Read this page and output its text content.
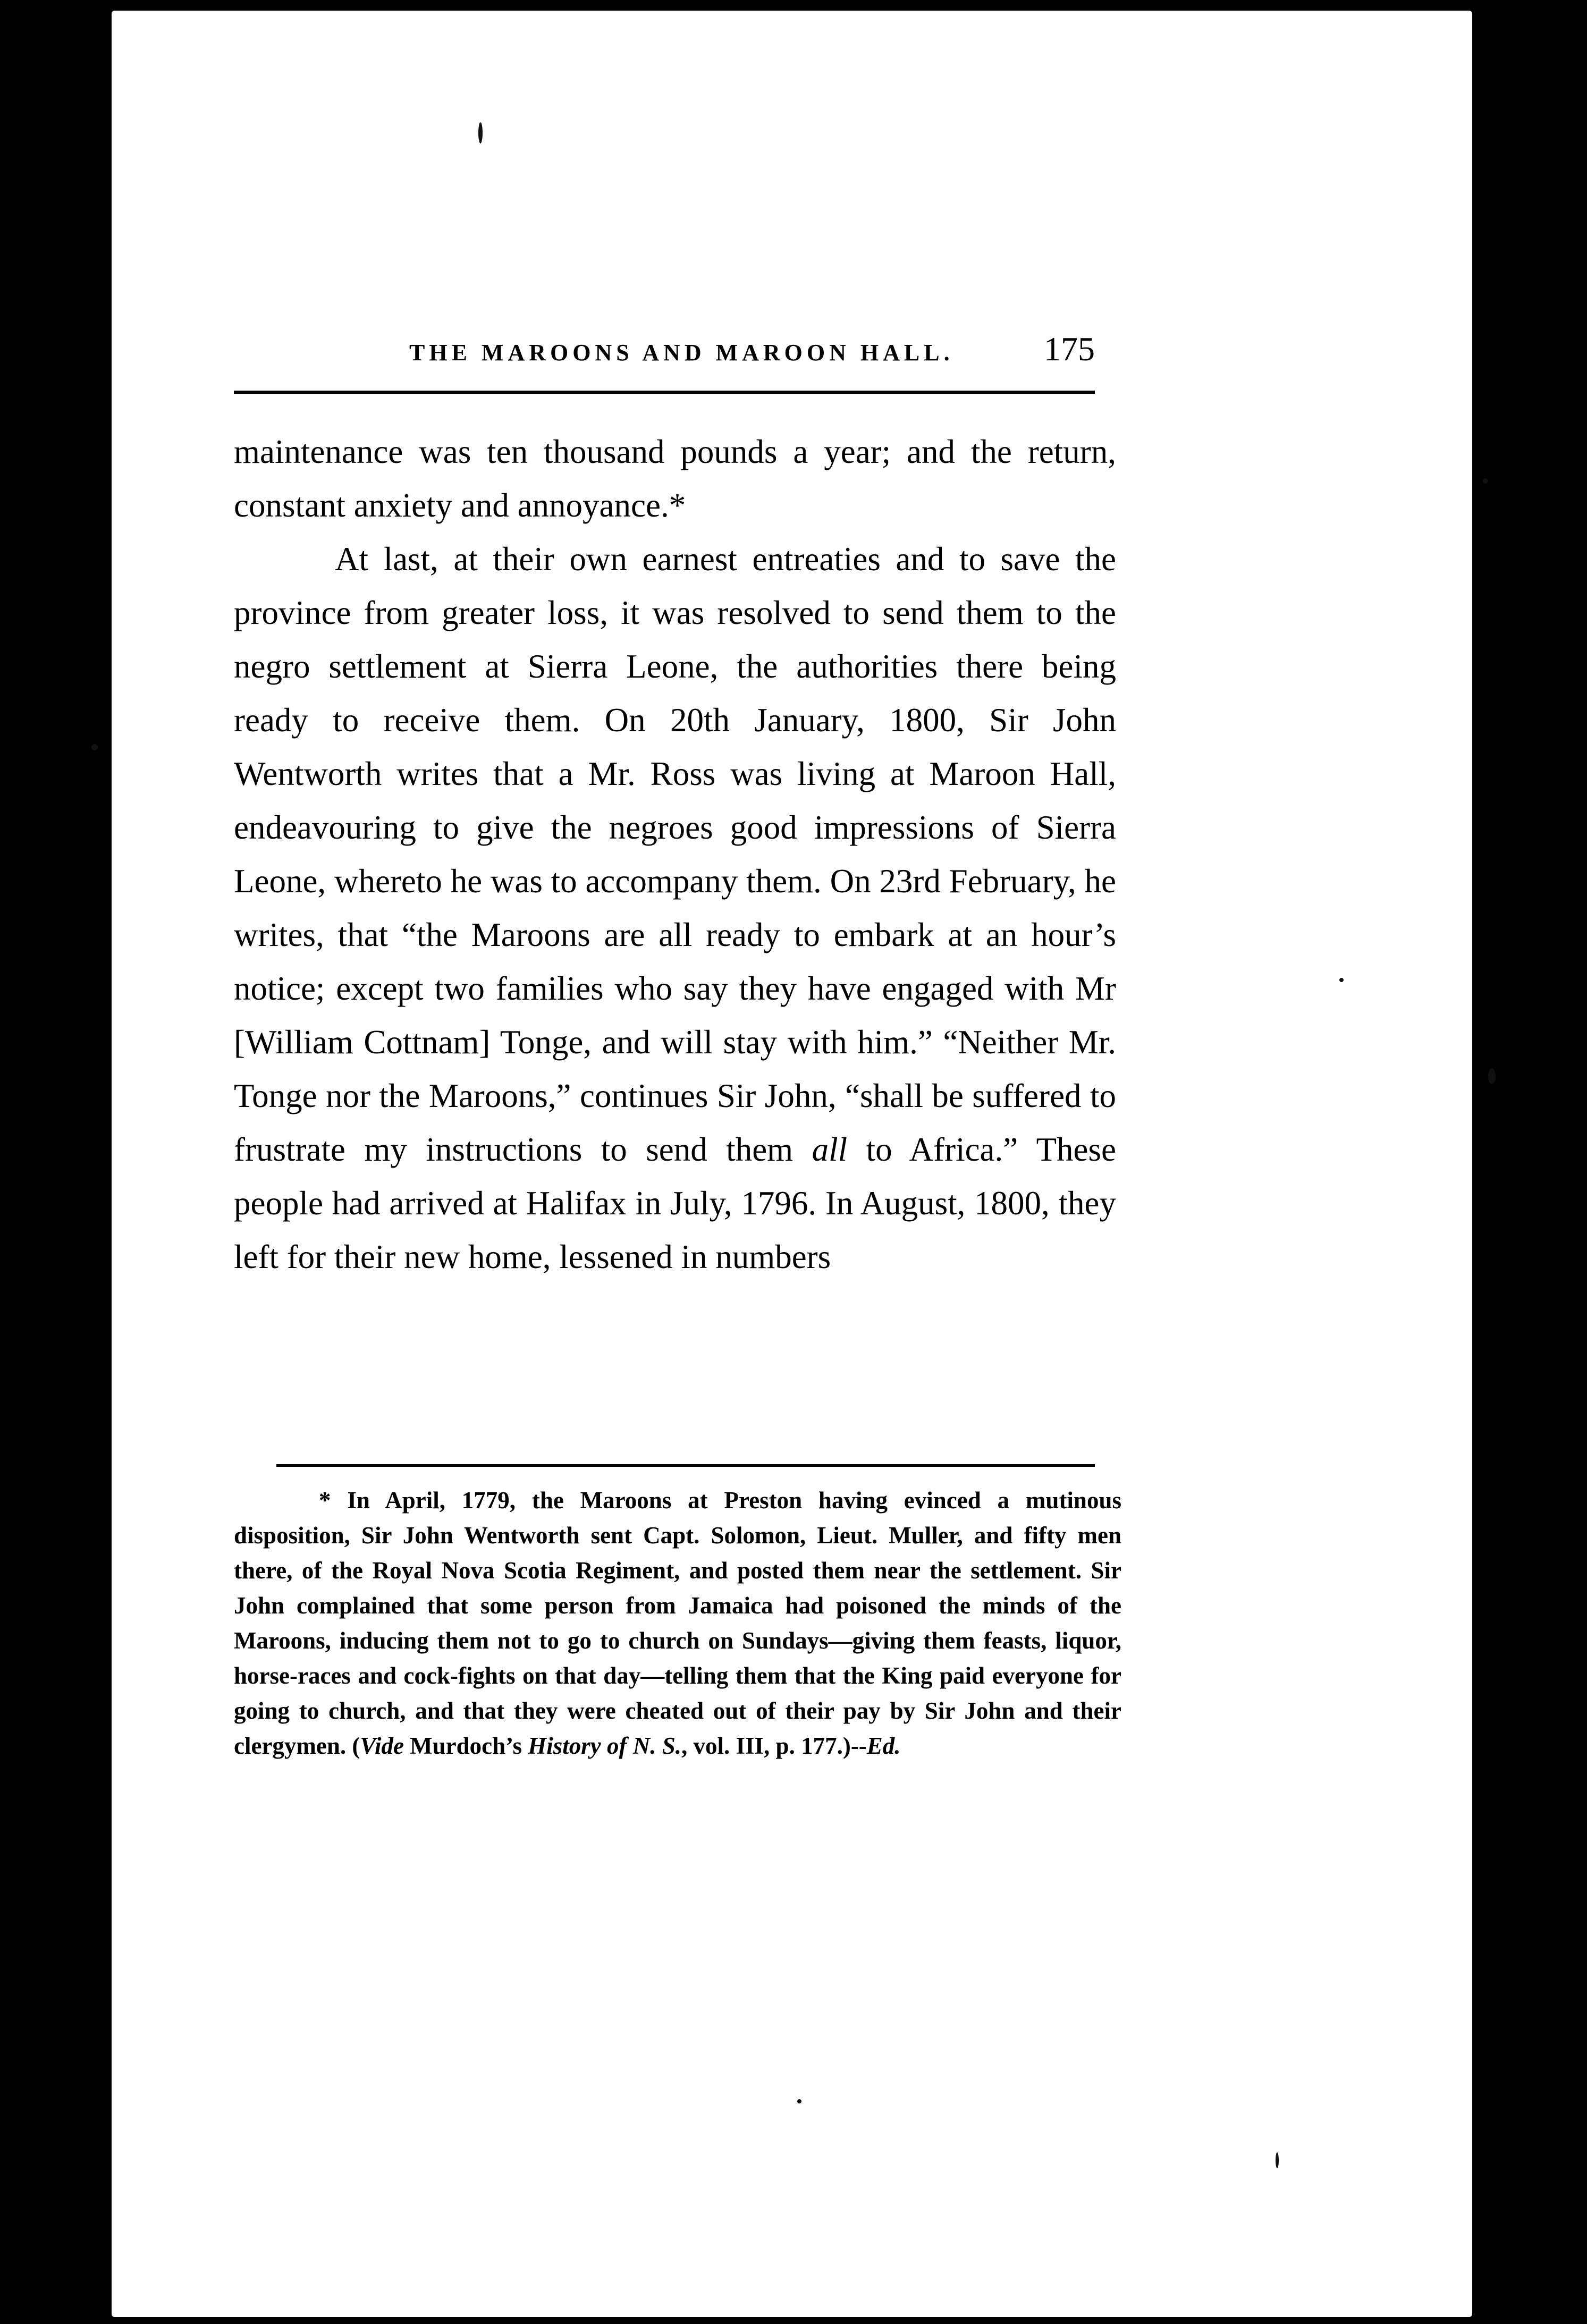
THE MAROONS AND MAROON HALL.	175

maintenance was ten thousand pounds a year; and the return, constant anxiety and annoyance.*

At last, at their own earnest entreaties and to save the province from greater loss, it was resolved to send them to the negro settlement at Sierra Leone, the authorities there being ready to receive them. On 20th January, 1800, Sir John Wentworth writes that a Mr. Ross was living at Maroon Hall, endeavouring to give the negroes good impressions of Sierra Leone, whereto he was to accompany them. On 23rd February, he writes, that “the Maroons are all ready to embark at an hour’s notice; except two families who say they have engaged with Mr [William Cottnam] Tonge, and will stay with him.” “Neither Mr. Tonge nor the Maroons,” continues Sir John, “shall be suffered to frustrate my instructions to send them all to Africa.” These people had arrived at Halifax in July, 1796. In August, 1800, they left for their new home, lessened in numbers

* In April, 1779, the Maroons at Preston having evinced a mutinous disposition, Sir John Wentworth sent Capt. Solomon, Lieut. Muller, and fifty men there, of the Royal Nova Scotia Regiment, and posted them near the settlement. Sir John complained that some person from Jamaica had poisoned the minds of the Maroons, inducing them not to go to church on Sundays—giving them feasts, liquor, horse-races and cock-fights on that day—telling them that the King paid everyone for going to church, and that they were cheated out of their pay by Sir John and their clergymen. (Vide Murdoch’s History of N. S., vol. III, p. 177.)--Ed.
